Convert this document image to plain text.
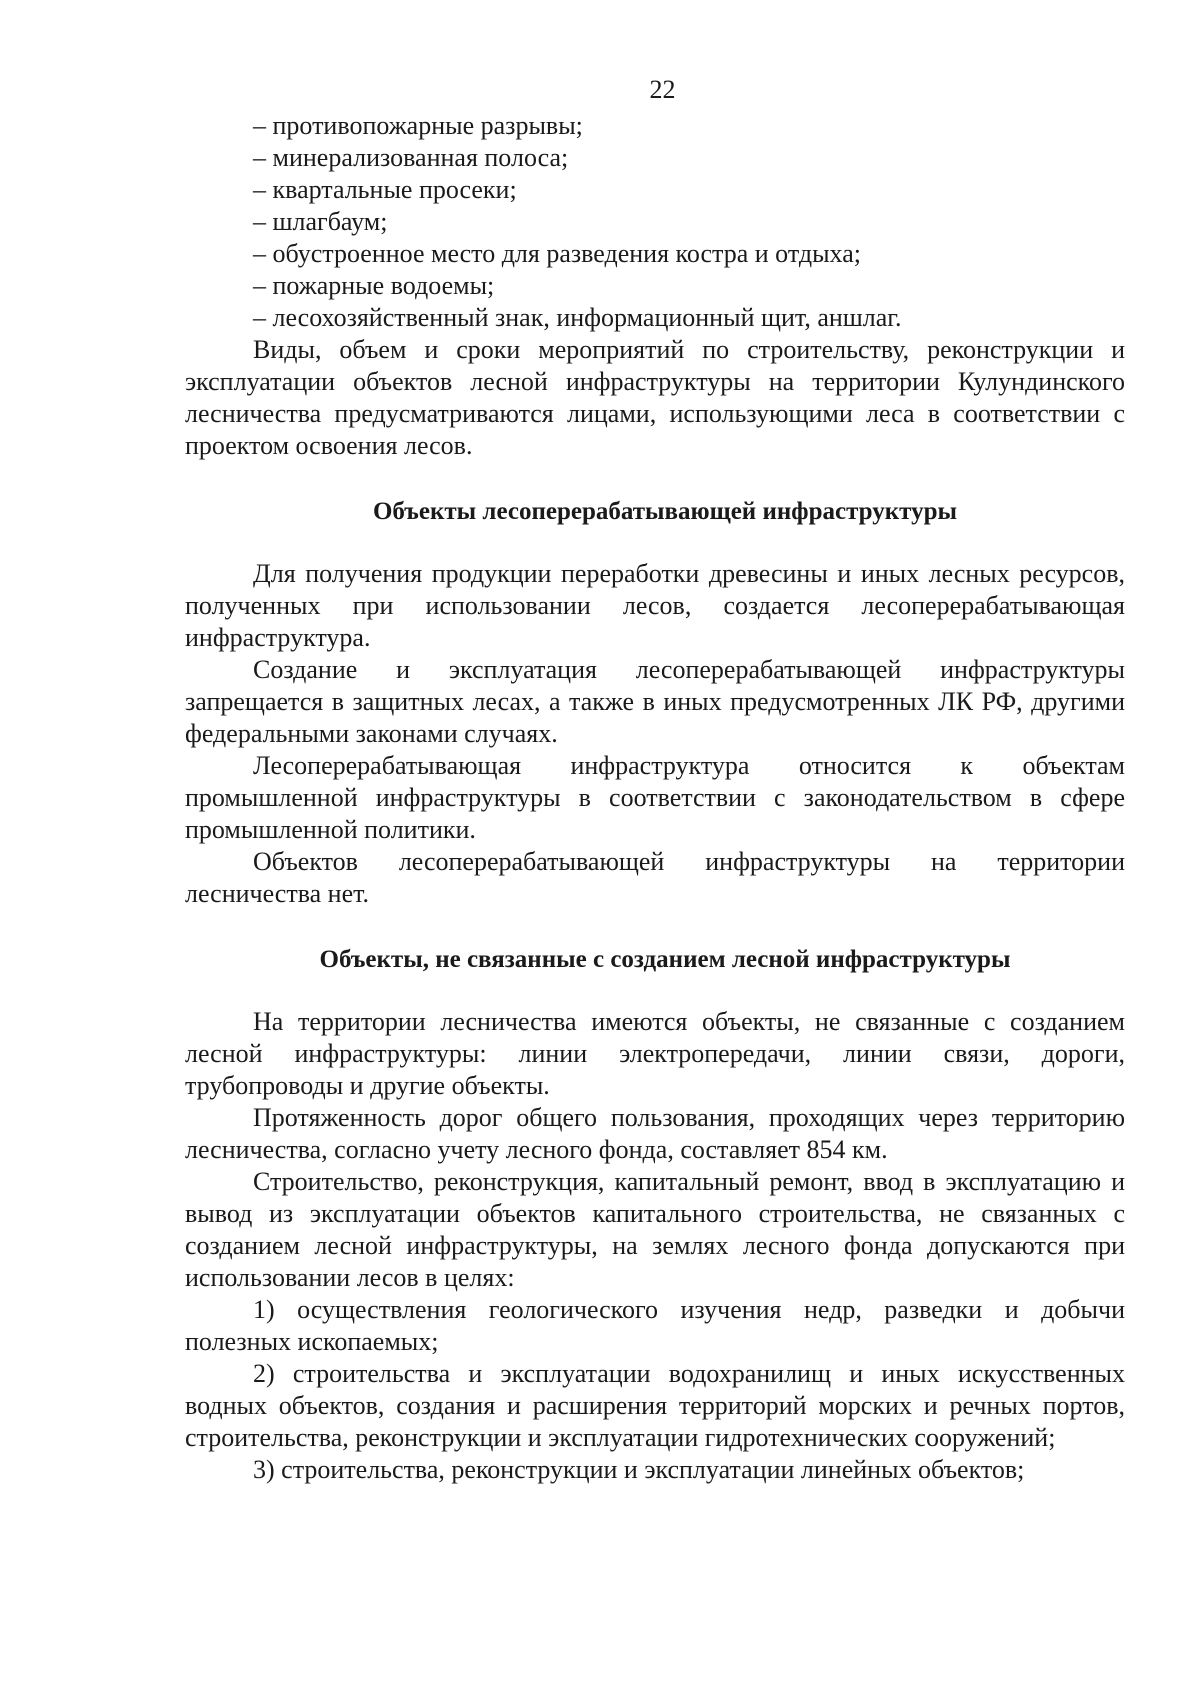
22

– противопожарные разрывы;

– минерализованная полоса;

– квартальные просеки;

– шлагбаум;

– обустроенное место для разведения костра и отдыха;

– пожарные водоемы;

– лесохозяйственный знак, информационный щит, аншлаг.

Виды, объем и сроки мероприятий по строительству, реконструкции и эксплуатации объектов лесной инфраструктуры на территории Кулундинского лесничества предусматриваются лицами, использующими леса в соответствии с проектом освоения лесов.

Объекты лесоперерабатывающей инфраструктуры

Для получения продукции переработки древесины и иных лесных ресурсов, полученных при использовании лесов, создается лесоперерабатывающая инфраструктура.

Создание и эксплуатация лесоперерабатывающей инфраструктуры запрещается в защитных лесах, а также в иных предусмотренных ЛК РФ, другими федеральными законами случаях.

Лесоперерабатывающая инфраструктура относится к объектам промышленной инфраструктуры в соответствии с законодательством в сфере промышленной политики.

Объектов лесоперерабатывающей инфраструктуры на территории лесничества нет.

Объекты, не связанные с созданием лесной инфраструктуры

На территории лесничества имеются объекты, не связанные с созданием лесной инфраструктуры: линии электропередачи, линии связи, дороги, трубопроводы и другие объекты.

Протяженность дорог общего пользования, проходящих через территорию лесничества, согласно учету лесного фонда, составляет 854 км.

Строительство, реконструкция, капитальный ремонт, ввод в эксплуатацию и вывод из эксплуатации объектов капитального строительства, не связанных с созданием лесной инфраструктуры, на землях лесного фонда допускаются при использовании лесов в целях:

1) осуществления геологического изучения недр, разведки и добычи полезных ископаемых;

2) строительства и эксплуатации водохранилищ и иных искусственных водных объектов, создания и расширения территорий морских и речных портов, строительства, реконструкции и эксплуатации гидротехнических сооружений;

3) строительства, реконструкции и эксплуатации линейных объектов;
